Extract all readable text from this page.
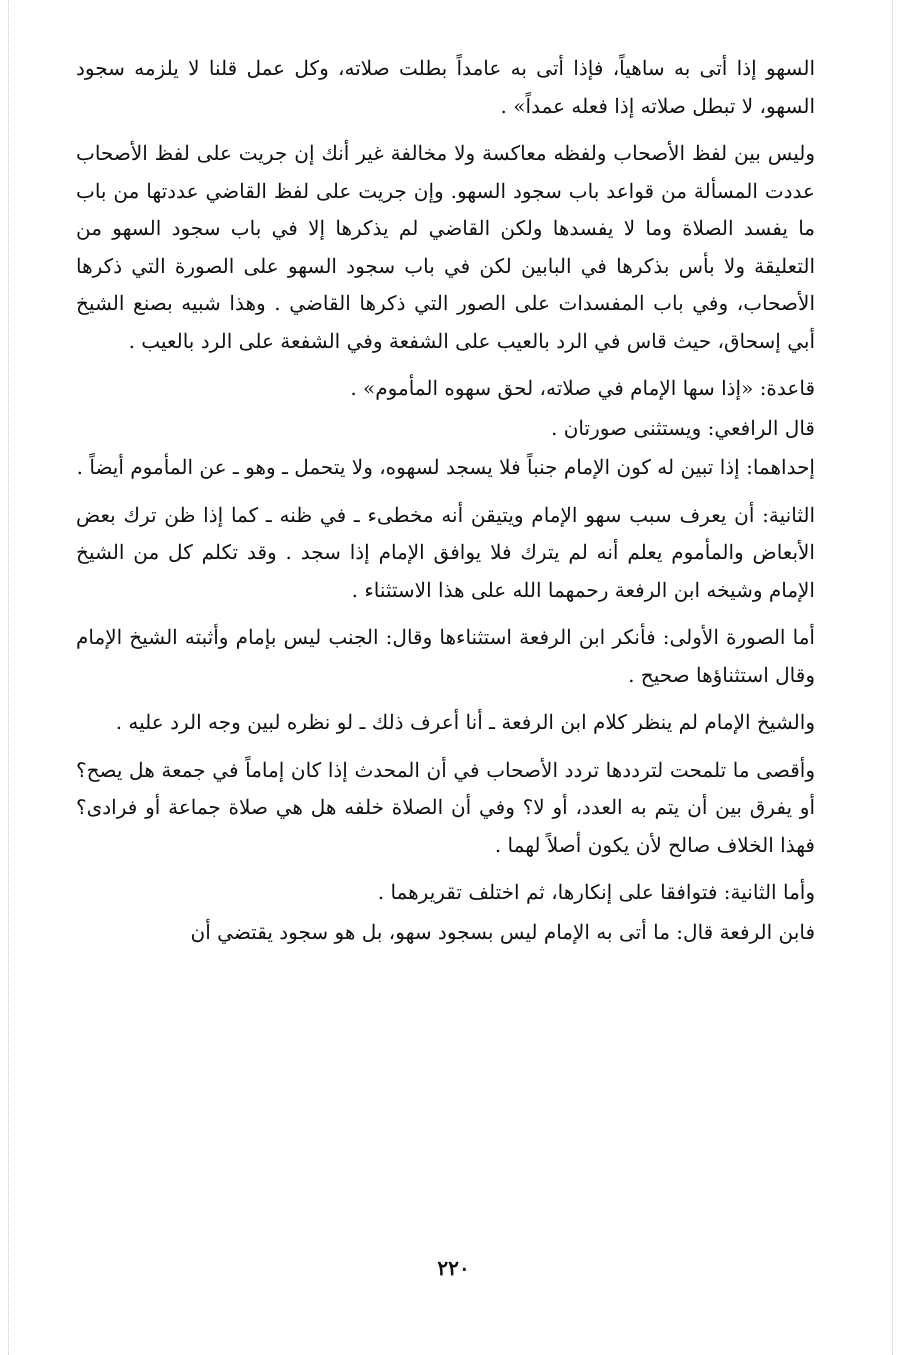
السهو إذا أتى به ساهياً، فإذا أتى به عامداً بطلت صلاته، وكل عمل قلنا لا يلزمه سجود السهو، لا تبطل صلاته إذا فعله عمداً» .

وليس بين لفظ الأصحاب ولفظه معاكسة ولا مخالفة غير أنك إن جريت على لفظ الأصحاب عددت المسألة من قواعد باب سجود السهو. وإن جريت على لفظ القاضي عددتها من باب ما يفسد الصلاة وما لا يفسدها ولكن القاضي لم يذكرها إلا في باب سجود السهو من التعليقة ولا بأس بذكرها في البابين لكن في باب سجود السهو على الصورة التي ذكرها الأصحاب، وفي باب المفسدات على الصور التي ذكرها القاضي . وهذا شبيه بصنع الشيخ أبي إسحاق، حيث قاس في الرد بالعيب على الشفعة وفي الشفعة على الرد بالعيب .

قاعدة: «إذا سها الإمام في صلاته، لحق سهوه المأموم» .

قال الرافعي: ويستثنى صورتان .

إحداهما: إذا تبين له كون الإمام جنباً فلا يسجد لسهوه، ولا يتحمل ـ وهو ـ عن المأموم أيضاً .

الثانية: أن يعرف سبب سهو الإمام ويتيقن أنه مخطىء ـ في ظنه ـ كما إذا ظن ترك بعض الأبعاض والمأموم يعلم أنه لم يترك فلا يوافق الإمام إذا سجد . وقد تكلم كل من الشيخ الإمام وشيخه ابن الرفعة رحمهما الله على هذا الاستثناء .

أما الصورة الأولى: فأنكر ابن الرفعة استثناءها وقال: الجنب ليس بإمام وأثبته الشيخ الإمام وقال استثناؤها صحيح .

والشيخ الإمام لم ينظر كلام ابن الرفعة ـ أنا أعرف ذلك ـ لو نظره لبين وجه الرد عليه .

وأقصى ما تلمحت لترددها تردد الأصحاب في أن المحدث إذا كان إماماً في جمعة هل يصح؟ أو يفرق بين أن يتم به العدد، أو لا؟ وفي أن الصلاة خلفه هل هي صلاة جماعة أو فرادى؟ فهذا الخلاف صالح لأن يكون أصلاً لهما .

وأما الثانية: فتوافقا على إنكارها، ثم اختلف تقريرهما .

فابن الرفعة قال: ما أتى به الإمام ليس بسجود سهو، بل هو سجود يقتضي أن

٢٢٠
